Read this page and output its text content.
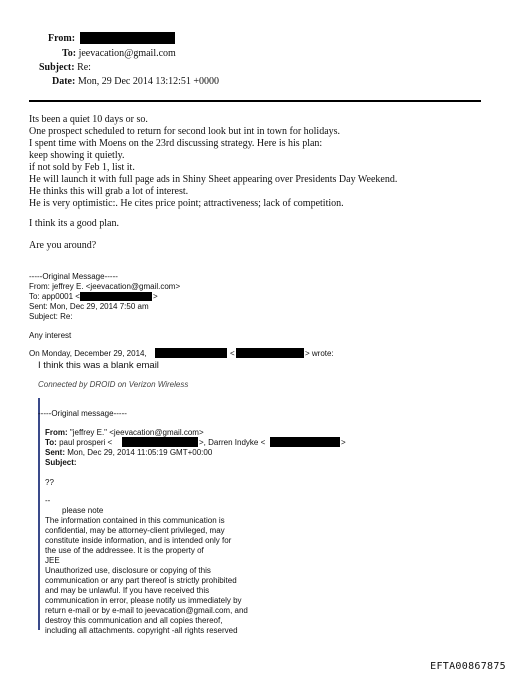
From:
To: jeevacation@gmail.com
Subject: Re:
Date: Mon, 29 Dec 2014 13:12:51 +0000
Its been a quiet 10 days or so.
One prospect scheduled to return for second look but int in town for holidays.
I spent time with Moens on the 23rd discussing strategy. Here is his plan:
keep showing it quietly.
if not sold by Feb 1, list it.
He will launch it with full page ads in Shiny Sheet appearing over Presidents Day Weekend.
He thinks this will grab a lot of interest.
He is very optimistic:. He cites price point; attractiveness; lack of competition.
I think its a good plan.
Are you around?
-----Original Message-----
From: jeffrey E. <jeevacation@gmail.com>
To: app0001 <	>
Sent: Mon, Dec 29, 2014 7:50 am
Subject: Re:
Any interest
On Monday, December 29, 2014,	<	> wrote:
I think this was a blank email
Connected by DROID on Verizon Wireless
-----Original message-----
From: "jeffrey E." <jeevacation@gmail.com>
To: paul prosperi <	>, Darren Indyke <	>
Sent: Mon, Dec 29, 2014 11:05:19 GMT+00:00
Subject:
??
--
please note
The information contained in this communication is
confidential, may be attorney-client privileged, may
constitute inside information, and is intended only for
the use of the addressee. It is the property of
JEE
Unauthorized use, disclosure or copying of this
communication or any part thereof is strictly prohibited
and may be unlawful. If you have received this
communication in error, please notify us immediately by
return e-mail or by e-mail to jeevacation@gmail.com, and
destroy this communication and all copies thereof,
including all attachments. copyright -all rights reserved
EFTA00867875
